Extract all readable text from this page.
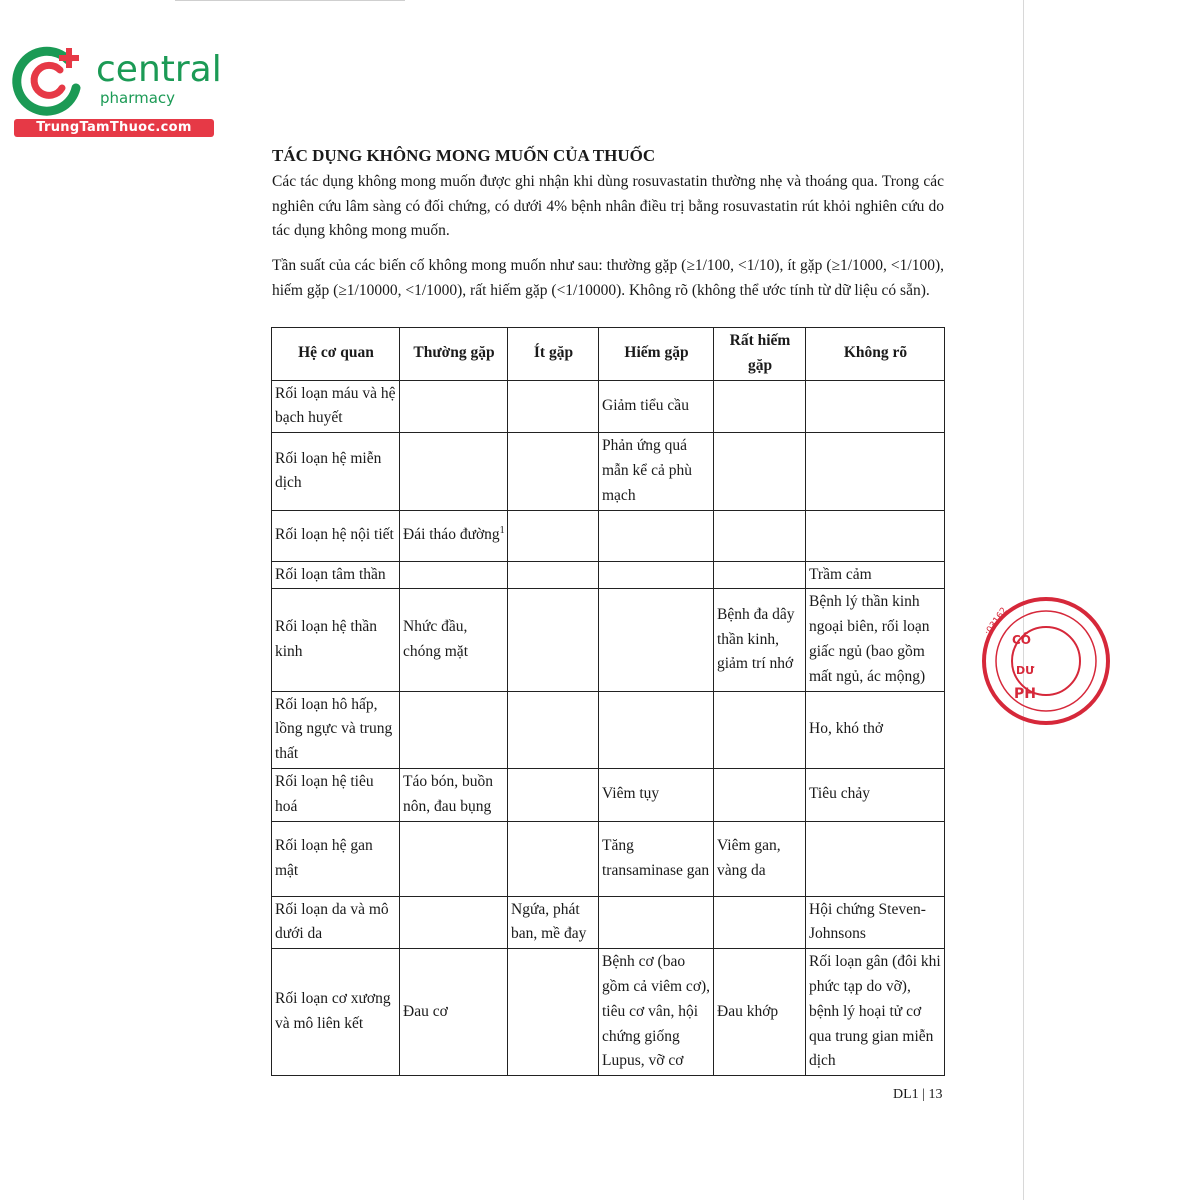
central
pharmacy
TrungTamThuoc.com
TÁC DỤNG KHÔNG MONG MUỐN CỦA THUỐC

Các tác dụng không mong muốn được ghi nhận khi dùng rosuvastatin thường nhẹ và thoáng qua. Trong các nghiên cứu lâm sàng có đối chứng, có dưới 4% bệnh nhân điều trị bằng rosuvastatin rút khỏi nghiên cứu do tác dụng không mong muốn.

Tần suất của các biến cố không mong muốn như sau: thường gặp (≥1/100, <1/10), ít gặp (≥1/1000, <1/100), hiếm gặp (≥1/10000, <1/1000), rất hiếm gặp (<1/10000). Không rõ (không thể ước tính từ dữ liệu có sẵn).

Hệ cơ quan	Thường gặp	Ít gặp	Hiếm gặp	Rất hiếm gặp	Không rõ
Rối loạn máu và hệ bạch huyết			Giảm tiểu cầu		
Rối loạn hệ miễn dịch			Phản ứng quá mẫn kể cả phù mạch		
Rối loạn hệ nội tiết	Đái tháo đường$^1$				
Rối loạn tâm thần					Trầm cảm
Rối loạn hệ thần kinh	Nhức đầu, chóng mặt			Bệnh đa dây thần kinh, giảm trí nhớ	Bệnh lý thần kinh ngoại biên, rối loạn giấc ngủ (bao gồm mất ngủ, ác mộng)
Rối loạn hô hấp, lồng ngực và trung thất					Ho, khó thở
Rối loạn hệ tiêu hoá	Táo bón, buồn nôn, đau bụng		Viêm tụy		Tiêu chảy
Rối loạn hệ gan mật			Tăng transaminase gan	Viêm gan, vàng da	
Rối loạn da và mô dưới da		Ngứa, phát ban, mề đay			Hội chứng Steven-Johnsons
Rối loạn cơ xương và mô liên kết	Đau cơ		Bệnh cơ (bao gồm cả viêm cơ), tiêu cơ vân, hội chứng giống Lupus, vỡ cơ	Đau khớp	Rối loạn gân (đôi khi phức tạp do vỡ), bệnh lý hoại tử cơ qua trung gian miễn dịch
CÔ
DƯ
PH
:03162
DL1 | 13
